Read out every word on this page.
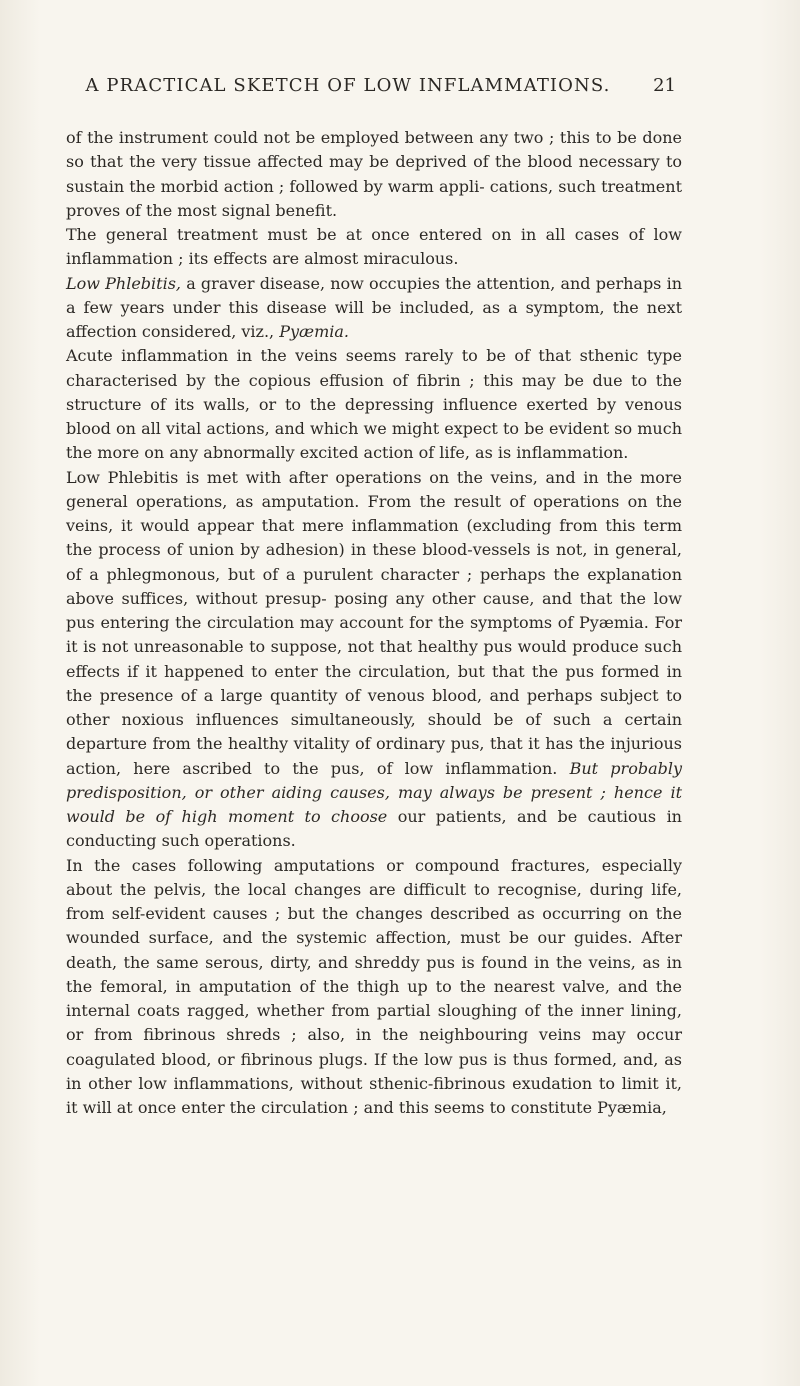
A PRACTICAL SKETCH OF LOW INFLAMMATIONS.	21

of the instrument could not be employed between any two ; this to be done so that the very tissue affected may be deprived of the blood necessary to sustain the morbid action ; followed by warm appli- cations, such treatment proves of the most signal benefit.

The general treatment must be at once entered on in all cases of low inflammation ; its effects are almost miraculous.

Low Phlebitis, a graver disease, now occupies the attention, and perhaps in a few years under this disease will be included, as a symptom, the next affection considered, viz., Pyæmia.

Acute inflammation in the veins seems rarely to be of that sthenic type characterised by the copious effusion of fibrin ; this may be due to the structure of its walls, or to the depressing influence exerted by venous blood on all vital actions, and which we might expect to be evident so much the more on any abnormally excited action of life, as is inflammation.

Low Phlebitis is met with after operations on the veins, and in the more general operations, as amputation. From the result of operations on the veins, it would appear that mere inflammation (excluding from this term the process of union by adhesion) in these blood-vessels is not, in general, of a phlegmonous, but of a purulent character ; perhaps the explanation above suffices, without presup- posing any other cause, and that the low pus entering the circulation may account for the symptoms of Pyæmia. For it is not unreasonable to suppose, not that healthy pus would produce such effects if it happened to enter the circulation, but that the pus formed in the presence of a large quantity of venous blood, and perhaps subject to other noxious influences simultaneously, should be of such a certain departure from the healthy vitality of ordinary pus, that it has the injurious action, here ascribed to the pus, of low inflammation. But probably predisposition, or other aiding causes, may always be present ; hence it would be of high moment to choose our patients, and be cautious in conducting such operations.

In the cases following amputations or compound fractures, especially about the pelvis, the local changes are difficult to recognise, during life, from self-evident causes ; but the changes described as occurring on the wounded surface, and the systemic affection, must be our guides. After death, the same serous, dirty, and shreddy pus is found in the veins, as in the femoral, in amputation of the thigh up to the nearest valve, and the internal coats ragged, whether from partial sloughing of the inner lining, or from fibrinous shreds ; also, in the neighbouring veins may occur coagulated blood, or fibrinous plugs. If the low pus is thus formed, and, as in other low inflammations, without sthenic-fibrinous exudation to limit it, it will at once enter the circulation ; and this seems to constitute Pyæmia,
